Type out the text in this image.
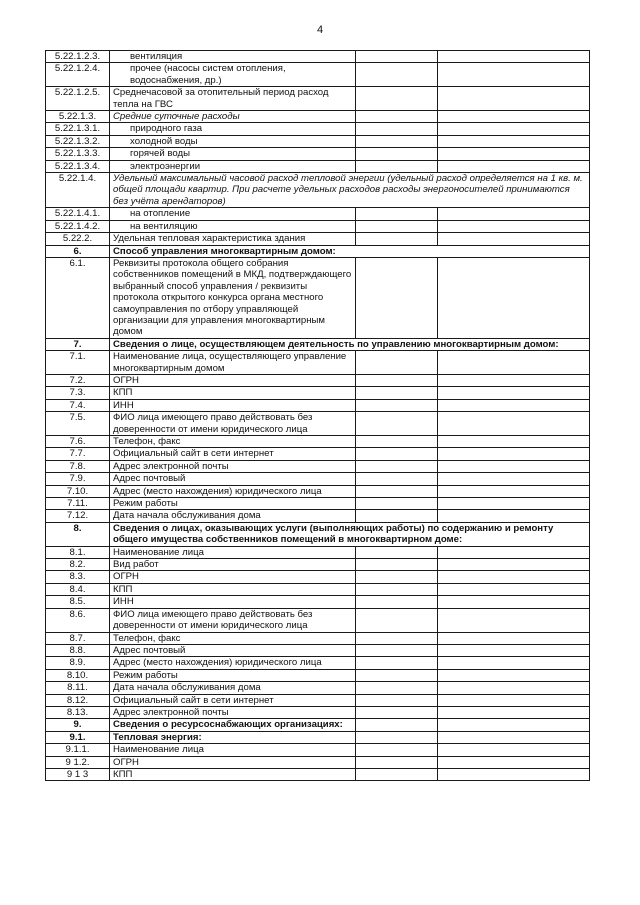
4
5.22.1.2.3.	вентиляция		
5.22.1.2.4.	прочее (насосы систем отопления, водоснабжения, др.)		
5.22.1.2.5.	Среднечасовой за отопительный период расход тепла на ГВС		
5.22.1.3.	Средние суточные расходы		
5.22.1.3.1.	природного газа		
5.22.1.3.2.	холодной воды		
5.22.1.3.3.	горячей воды		
5.22.1.3.4.	электроэнергии		
5.22.1.4.	Удельный максимальный часовой расход тепловой энергии (удельный расход определяется на 1 кв. м. общей площади квартир. При расчете удельных расходов расходы энергоносителей принимаются без учёта арендаторов)		
5.22.1.4.1.	на отопление		
5.22.1.4.2.	на вентиляцию		
5.22.2.	Удельная тепловая характеристика здания		
6.	Способ управления многоквартирным домом:		
6.1.	Реквизиты протокола общего собрания собственников помещений в МКД, подтверждающего выбранный способ управления / реквизиты протокола открытого конкурса органа местного самоуправления по отбору управляющей организации для управления многоквартирным домом		
7.	Сведения о лице, осуществляющем деятельность по управлению многоквартирным домом:		
7.1.	Наименование лица, осуществляющего управление многоквартирным домом		
7.2.	ОГРН		
7.3.	КПП		
7.4.	ИНН		
7.5.	ФИО лица имеющего право действовать без доверенности от имени юридического лица		
7.6.	Телефон, факс		
7.7.	Официальный сайт в сети интернет		
7.8.	Адрес электронной почты		
7.9.	Адрес почтовый		
7.10.	Адрес (место нахождения) юридического лица		
7.11.	Режим работы		
7.12.	Дата начала обслуживания дома		
8.	Сведения о лицах, оказывающих услуги (выполняющих работы) по содержанию и ремонту общего имущества собственников помещений в многоквартирном доме:		
8.1.	Наименование лица		
8.2.	Вид работ		
8.3.	ОГРН		
8.4.	КПП		
8.5.	ИНН		
8.6.	ФИО лица имеющего право действовать без доверенности от имени юридического лица		
8.7.	Телефон, факс		
8.8.	Адрес почтовый		
8.9.	Адрес (место нахождения) юридического лица		
8.10.	Режим работы		
8.11.	Дата начала обслуживания дома		
8.12.	Официальный сайт в сети интернет		
8.13.	Адрес электронной почты		
9.	Сведения о ресурсоснабжающих организациях:		
9.1.	Тепловая энергия:		
9.1.1.	Наименование лица		
9 1.2.	ОГРН		
9 1 3	КПП		
